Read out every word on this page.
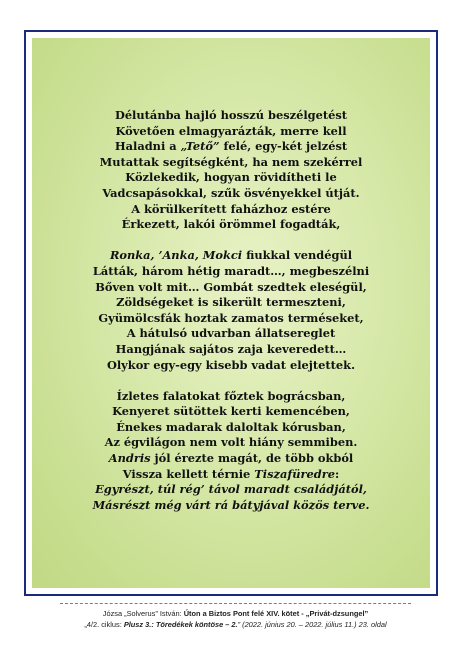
Délutánba hajló hosszú beszélgetést
Követően elmagyarázták, merre kell
Haladni a „Tető” felé, egy-két jelzést
Mutattak segítségként, ha nem szekérrel
Közlekedik, hogyan rövidítheti le
Vadcsapásokkal, szűk ösvényekkel útját.
A körülkerített faházhoz estére
Érkezett, lakói örömmel fogadták,
Ronka, ’Anka, Mokci fiukkal vendégül
Látták, három hétig maradt…, megbeszélni
Bőven volt mit… Gombát szedtek eleségül,
Zöldségeket is sikerült termeszteni,
Gyümölcsfák hoztak zamatos terméseket,
A hátulsó udvarban állatsereglet
Hangjának sajátos zaja keveredett…
Olykor egy-egy kisebb vadat elejtettek.
Ízletes falatokat főztek bográcsban,
Kenyeret sütöttek kerti kemencében,
Énekes madarak daloltak kórusban,
Az égvilágon nem volt hiány semmiben.
Andris jól érezte magát, de több okból
Vissza kellett térnie Tiszafüredre:
Egyrészt, túl rég’ távol maradt családjától,
Másrészt még várt rá bátyjával közös terve.
Józsa „Solverus” István: Úton a Biztos Pont felé XIV. kötet - „Privát-dzsungel”
„4/2. ciklus: Plusz 3.: Töredékek köntöse – 2.” (2022. június 20. – 2022. július 11.) 23. oldal
